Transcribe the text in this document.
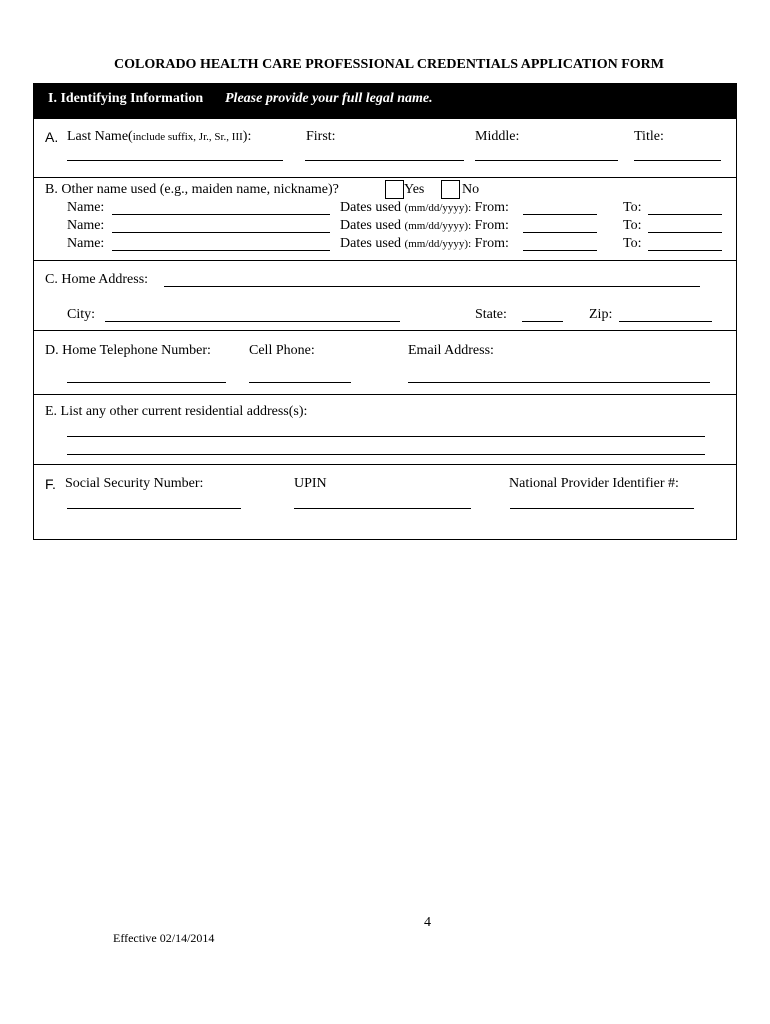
COLORADO HEALTH CARE PROFESSIONAL CREDENTIALS APPLICATION FORM
I. Identifying Information Please provide your full legal name.
A. Last Name(include suffix, Jr., Sr., III):	First:	Middle:	Title:
B. Other name used (e.g., maiden name, nickname)?	Yes	No
Name:	Dates used (mm/dd/yyyy): From:	To:
Name:	Dates used (mm/dd/yyyy): From:	To:
Name:	Dates used (mm/dd/yyyy): From:	To:
C. Home Address:
City:	State:	Zip:
D. Home Telephone Number:	Cell Phone:	Email Address:
E. List any other current residential address(s):
F. Social Security Number:	UPIN	National Provider Identifier #:
4
Effective 02/14/2014
